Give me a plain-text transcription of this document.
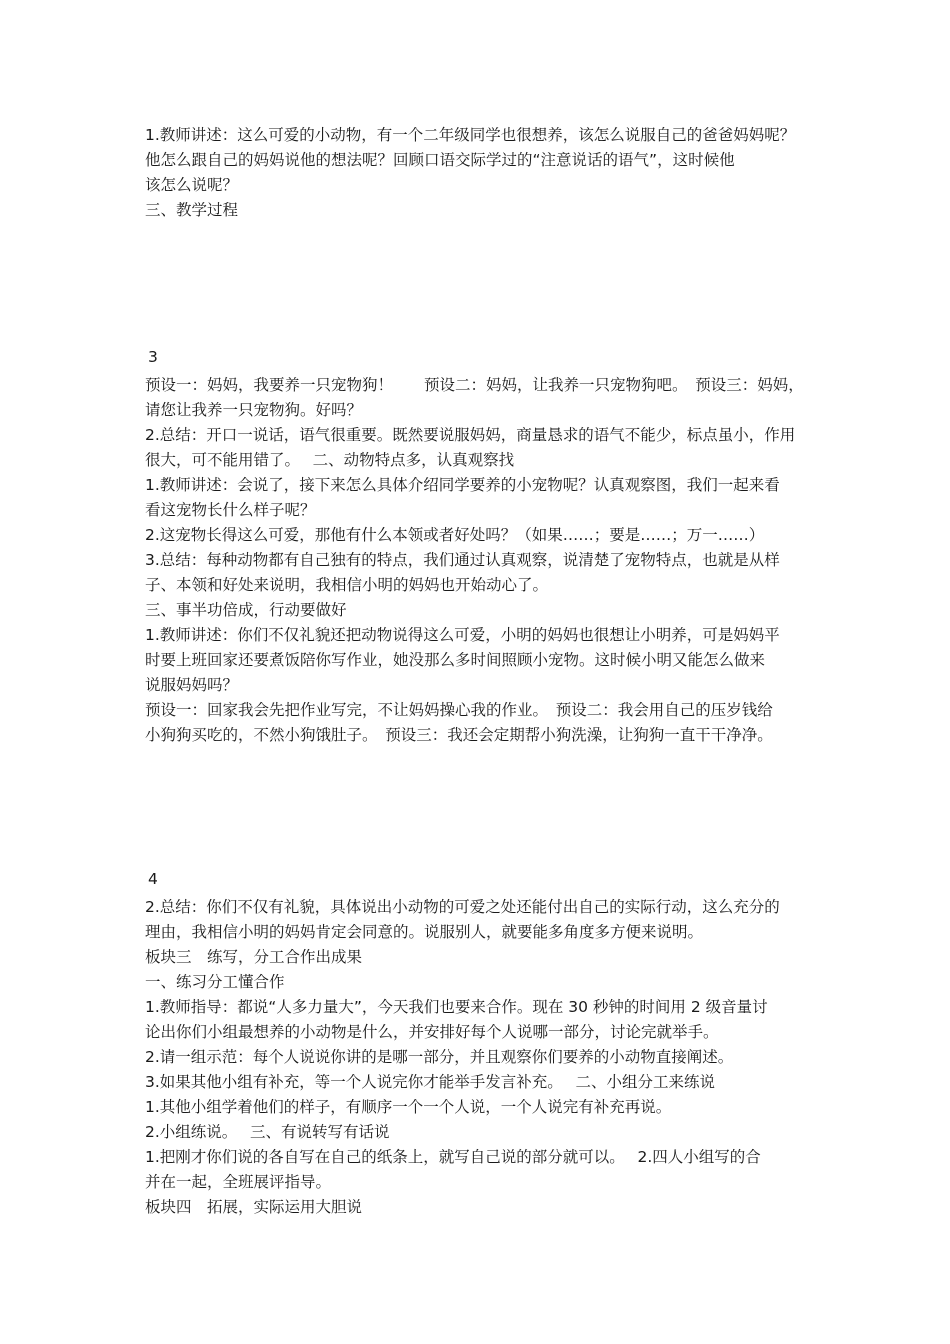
1.教师讲述：这么可爱的小动物，有一个二年级同学也很想养，该怎么说服自己的爸爸妈妈呢？

他怎么跟自己的妈妈说他的想法呢？回顾口语交际学过的“注意说话的语气”，这时候他

该怎么说呢？

三、教学过程

3

预设一：妈妈，我要养一只宠物狗！　　预设二：妈妈，让我养一只宠物狗吧。　预设三：妈妈，

请您让我养一只宠物狗。好吗？

2.总结：开口一说话，语气很重要。既然要说服妈妈，商量恳求的语气不能少，标点虽小，作用

很大，可不能用错了。　 二、动物特点多，认真观察找

1.教师讲述：会说了，接下来怎么具体介绍同学要养的小宠物呢？认真观察图，我们一起来看

看这宠物长什么样子呢？

2.这宠物长得这么可爱，那他有什么本领或者好处吗？（如果……；要是……；万一……）

3.总结：每种动物都有自己独有的特点，我们通过认真观察，说清楚了宠物特点，也就是从样

子、本领和好处来说明，我相信小明的妈妈也开始动心了。

三、事半功倍成，行动要做好

1.教师讲述：你们不仅礼貌还把动物说得这么可爱，小明的妈妈也很想让小明养，可是妈妈平

时要上班回家还要煮饭陪你写作业，她没那么多时间照顾小宠物。这时候小明又能怎么做来

说服妈妈吗？

预设一：回家我会先把作业写完，不让妈妈操心我的作业。　预设二：我会用自己的压岁钱给

小狗狗买吃的，不然小狗饿肚子。　预设三：我还会定期帮小狗洗澡，让狗狗一直干干净净。

4

2.总结：你们不仅有礼貌，具体说出小动物的可爱之处还能付出自己的实际行动，这么充分的

理由，我相信小明的妈妈肯定会同意的。说服别人，就要能多角度多方便来说明。

板块三　练写，分工合作出成果

一、练习分工懂合作

1.教师指导：都说“人多力量大”，今天我们也要来合作。现在 30 秒钟的时间用 2 级音量讨

论出你们小组最想养的小动物是什么，并安排好每个人说哪一部分，讨论完就举手。

2.请一组示范：每个人说说你讲的是哪一部分，并且观察你们要养的小动物直接阐述。

3.如果其他小组有补充，等一个人说完你才能举手发言补充。　 二、小组分工来练说

1.其他小组学着他们的样子，有顺序一个一个人说，一个人说完有补充再说。

2.小组练说。　 三、有说转写有话说

1.把刚才你们说的各自写在自己的纸条上，就写自己说的部分就可以。　 2.四人小组写的合

并在一起，全班展评指导。

板块四　拓展，实际运用大胆说
